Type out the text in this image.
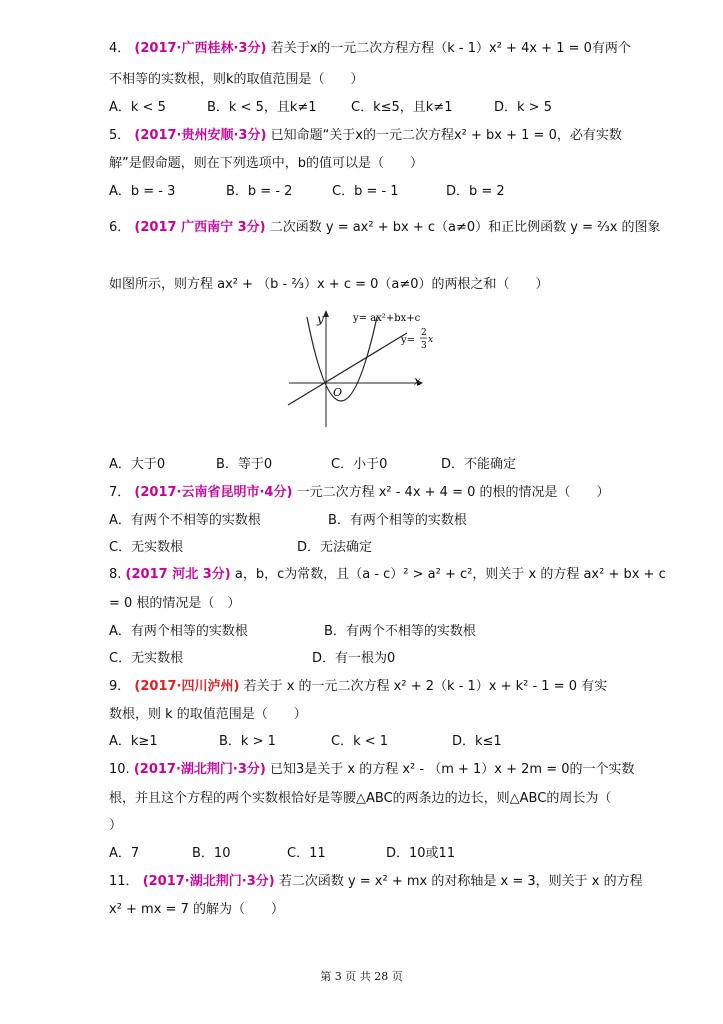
4． (2017·广西桂林·3分) 若关于x的一元二次方程方程（k - 1）x² + 4x + 1 = 0有两个
不相等的实数根，则k的取值范围是（　　）
A．k < 5	B．k < 5，且k≠1	C．k≤5，且k≠1	D．k > 5
5． (2017·贵州安顺·3分) 已知命题“关于x的一元二次方程x² + bx + 1 = 0，必有实数
解”是假命题，则在下列选项中，b的值可以是（　　）
A．b = - 3	B．b = - 2	C．b = - 1	D．b = 2
6． (2017 广西南宁 3分) 二次函数 y = ax² + bx + c（a≠0）和正比例函数 y = ⅔x 的图象
如图所示，则方程 ax² + （b - ⅔）x + c = 0（a≠0）的两根之和（　　）
y
x
O
y= ax²+bx+c
y=
2
3
x
A．大于0	B．等于0	C．小于0	D．不能确定
7． (2017·云南省昆明市·4分) 一元二次方程 x² - 4x + 4 = 0 的根的情况是（　　）
A．有两个不相等的实数根	B．有两个相等的实数根
C．无实数根	D．无法确定
8. (2017 河北 3分) a，b，c为常数，且（a - c）² > a² + c²，则关于 x 的方程 ax² + bx + c
= 0 根的情况是（　）
A．有两个相等的实数根	B．有两个不相等的实数根
C．无实数根	D．有一根为0
9． (2017·四川泸州) 若关于 x 的一元二次方程 x² + 2（k - 1）x + k² - 1 = 0 有实
数根，则 k 的取值范围是（　　）
A．k≥1	B．k > 1	C．k < 1	D．k≤1
10. (2017·湖北荆门·3分) 已知3是关于 x 的方程 x² - （m + 1）x + 2m = 0的一个实数
根，并且这个方程的两个实数根恰好是等腰△ABC的两条边的边长，则△ABC的周长为（
）
A．7	B．10	C．11	D．10或11
11． (2017·湖北荆门·3分) 若二次函数 y = x² + mx 的对称轴是 x = 3，则关于 x 的方程
x² + mx = 7 的解为（　　）
第 3 页 共 28 页
